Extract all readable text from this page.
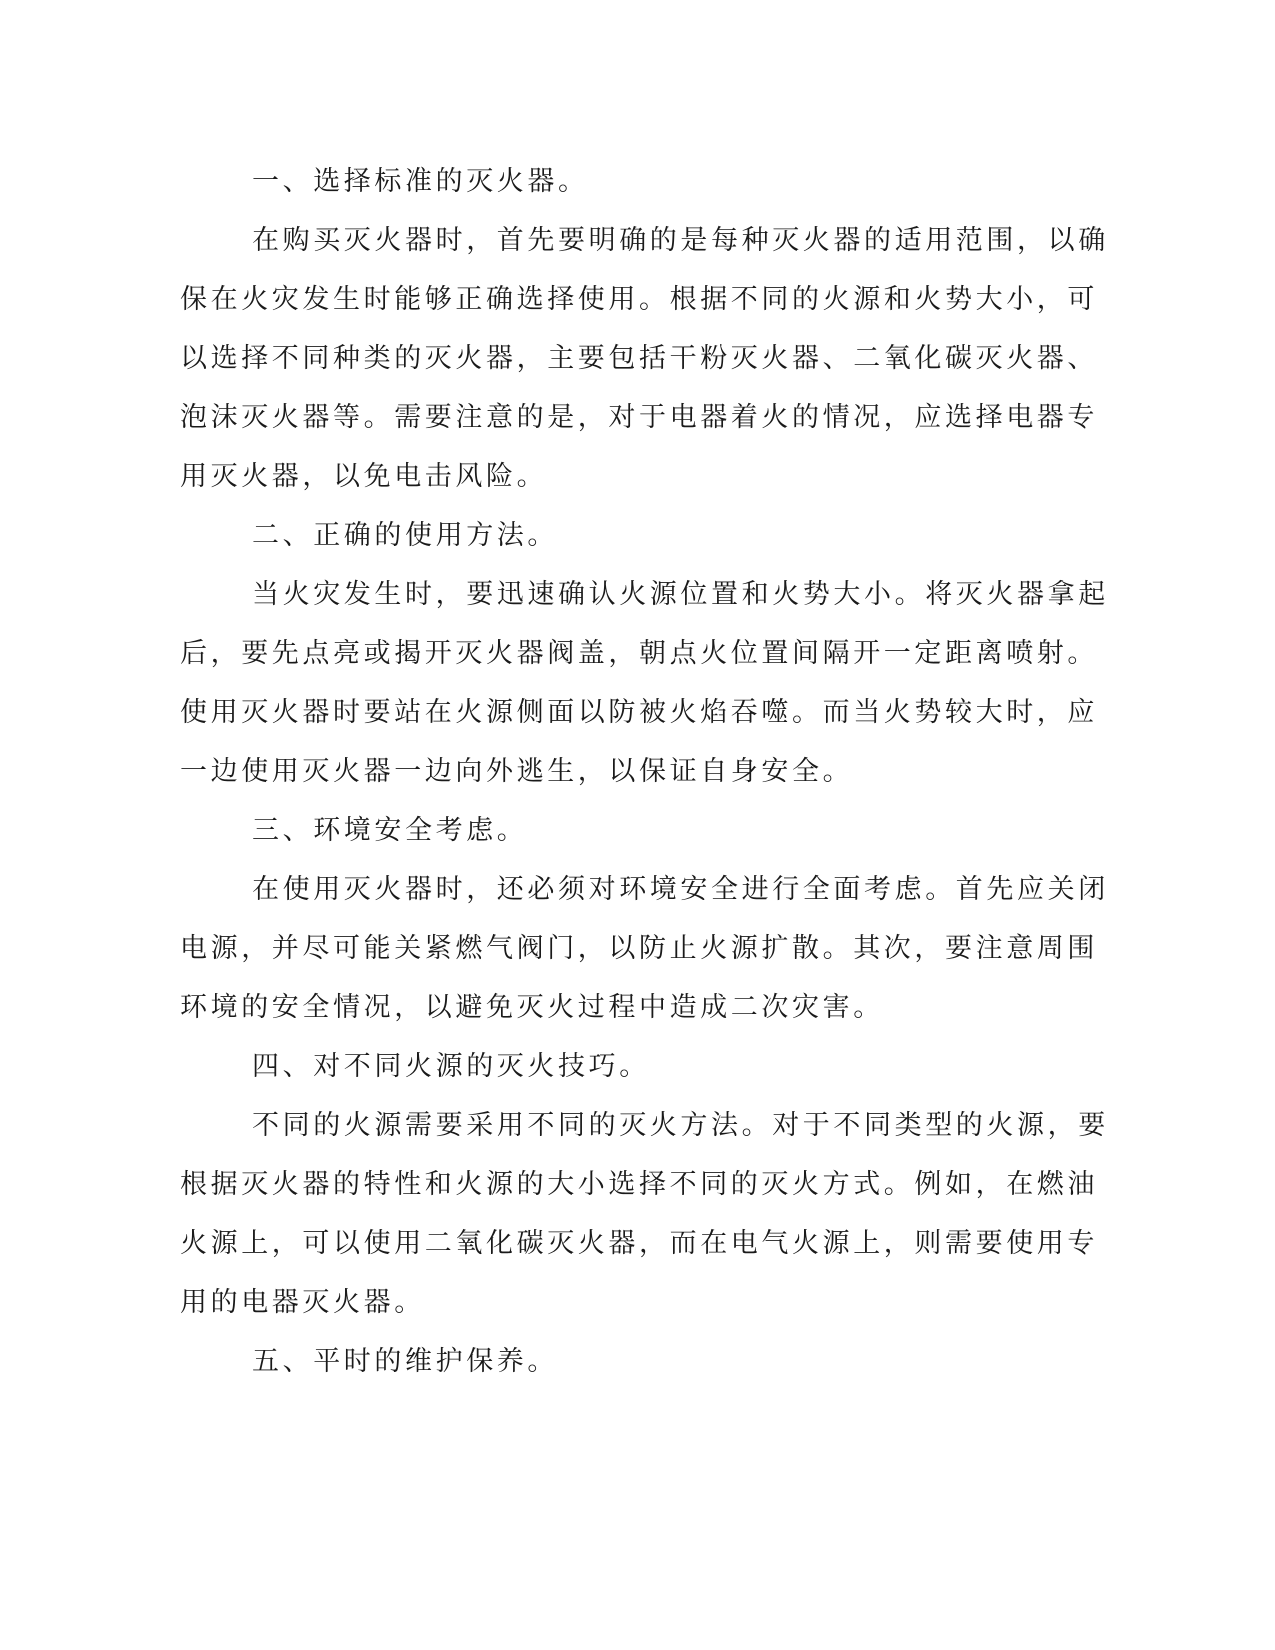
一、选择标准的灭火器。
在购买灭火器时，首先要明确的是每种灭火器的适用范围，以确
保在火灾发生时能够正确选择使用。根据不同的火源和火势大小，可
以选择不同种类的灭火器，主要包括干粉灭火器、二氧化碳灭火器、
泡沫灭火器等。需要注意的是，对于电器着火的情况，应选择电器专
用灭火器，以免电击风险。
二、正确的使用方法。
当火灾发生时，要迅速确认火源位置和火势大小。将灭火器拿起
后，要先点亮或揭开灭火器阀盖，朝点火位置间隔开一定距离喷射。
使用灭火器时要站在火源侧面以防被火焰吞噬。而当火势较大时，应
一边使用灭火器一边向外逃生，以保证自身安全。
三、环境安全考虑。
在使用灭火器时，还必须对环境安全进行全面考虑。首先应关闭
电源，并尽可能关紧燃气阀门，以防止火源扩散。其次，要注意周围
环境的安全情况，以避免灭火过程中造成二次灾害。
四、对不同火源的灭火技巧。
不同的火源需要采用不同的灭火方法。对于不同类型的火源，要
根据灭火器的特性和火源的大小选择不同的灭火方式。例如，在燃油
火源上，可以使用二氧化碳灭火器，而在电气火源上，则需要使用专
用的电器灭火器。
五、平时的维护保养。
